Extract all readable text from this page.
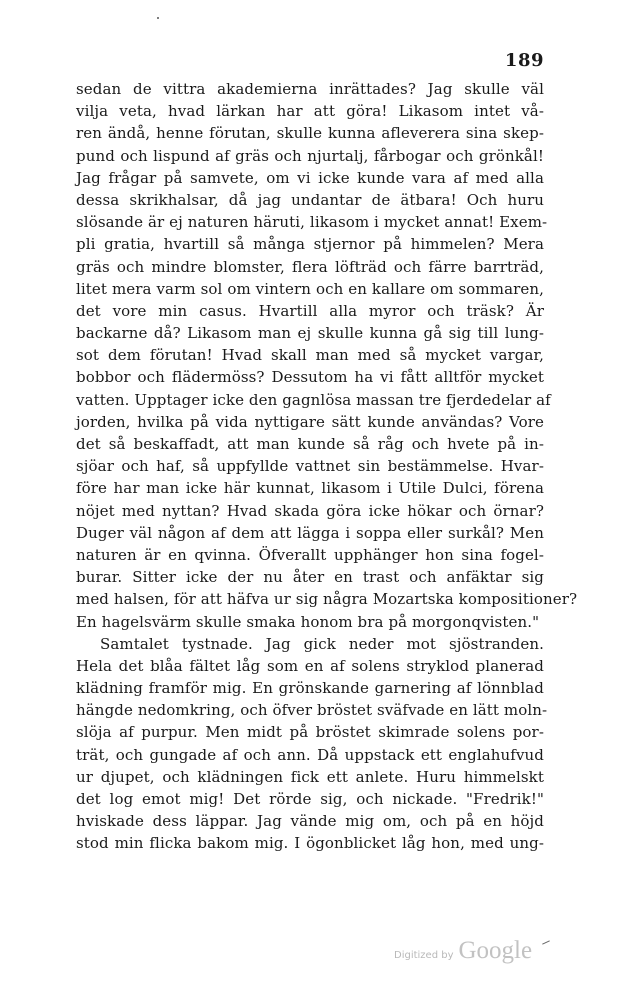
189
sedan de vittra akademierna inrättades? Jag skulle väl
vilja veta, hvad lärkan har att göra! Likasom intet vå-
ren ändå, henne förutan, skulle kunna afleverera sina skep-
pund och lispund af gräs och njurtalj, fårbogar och grönkål!
Jag frågar på samvete, om vi icke kunde vara af med alla
dessa skrikhalsar, då jag undantar de ätbara! Och huru
slösande är ej naturen häruti, likasom i mycket annat! Exem-
pli gratia, hvartill så många stjernor på himmelen? Mera
gräs och mindre blomster, flera löfträd och färre barrträd,
litet mera varm sol om vintern och en kallare om sommaren,
det vore min casus. Hvartill alla myror och träsk? Är
backarne då? Likasom man ej skulle kunna gå sig till lung-
sot dem förutan! Hvad skall man med så mycket vargar,
bobbor och flädermöss? Dessutom ha vi fått alltför mycket
vatten. Upptager icke den gagnlösa massan tre fjerdedelar af
jorden, hvilka på vida nyttigare sätt kunde användas? Vore
det så beskaffadt, att man kunde så råg och hvete på in-
sjöar och haf, så uppfyllde vattnet sin bestämmelse. Hvar-
före har man icke här kunnat, likasom i Utile Dulci, förena
nöjet med nyttan? Hvad skada göra icke hökar och örnar?
Duger väl någon af dem att lägga i soppa eller surkål? Men
naturen är en qvinna. Öfverallt upphänger hon sina fogel-
burar. Sitter icke der nu åter en trast och anfäktar sig
med halsen, för att häfva ur sig några Mozartska kompositioner?
En hagelsvärm skulle smaka honom bra på morgonqvisten."
Samtalet tystnade. Jag gick neder mot sjöstranden.
Hela det blåa fältet låg som en af solens stryklod planerad
klädning framför mig. En grönskande garnering af lönnblad
hängde nedomkring, och öfver bröstet sväfvade en lätt moln-
slöja af purpur. Men midt på bröstet skimrade solens por-
trät, och gungade af och ann. Då uppstack ett englahufvud
ur djupet, och klädningen fick ett anlete. Huru himmelskt
det log emot mig! Det rörde sig, och nickade. "Fredrik!"
hviskade dess läppar. Jag vände mig om, och på en höjd
stod min flicka bakom mig. I ögonblicket låg hon, med ung-
Digitized by Google
